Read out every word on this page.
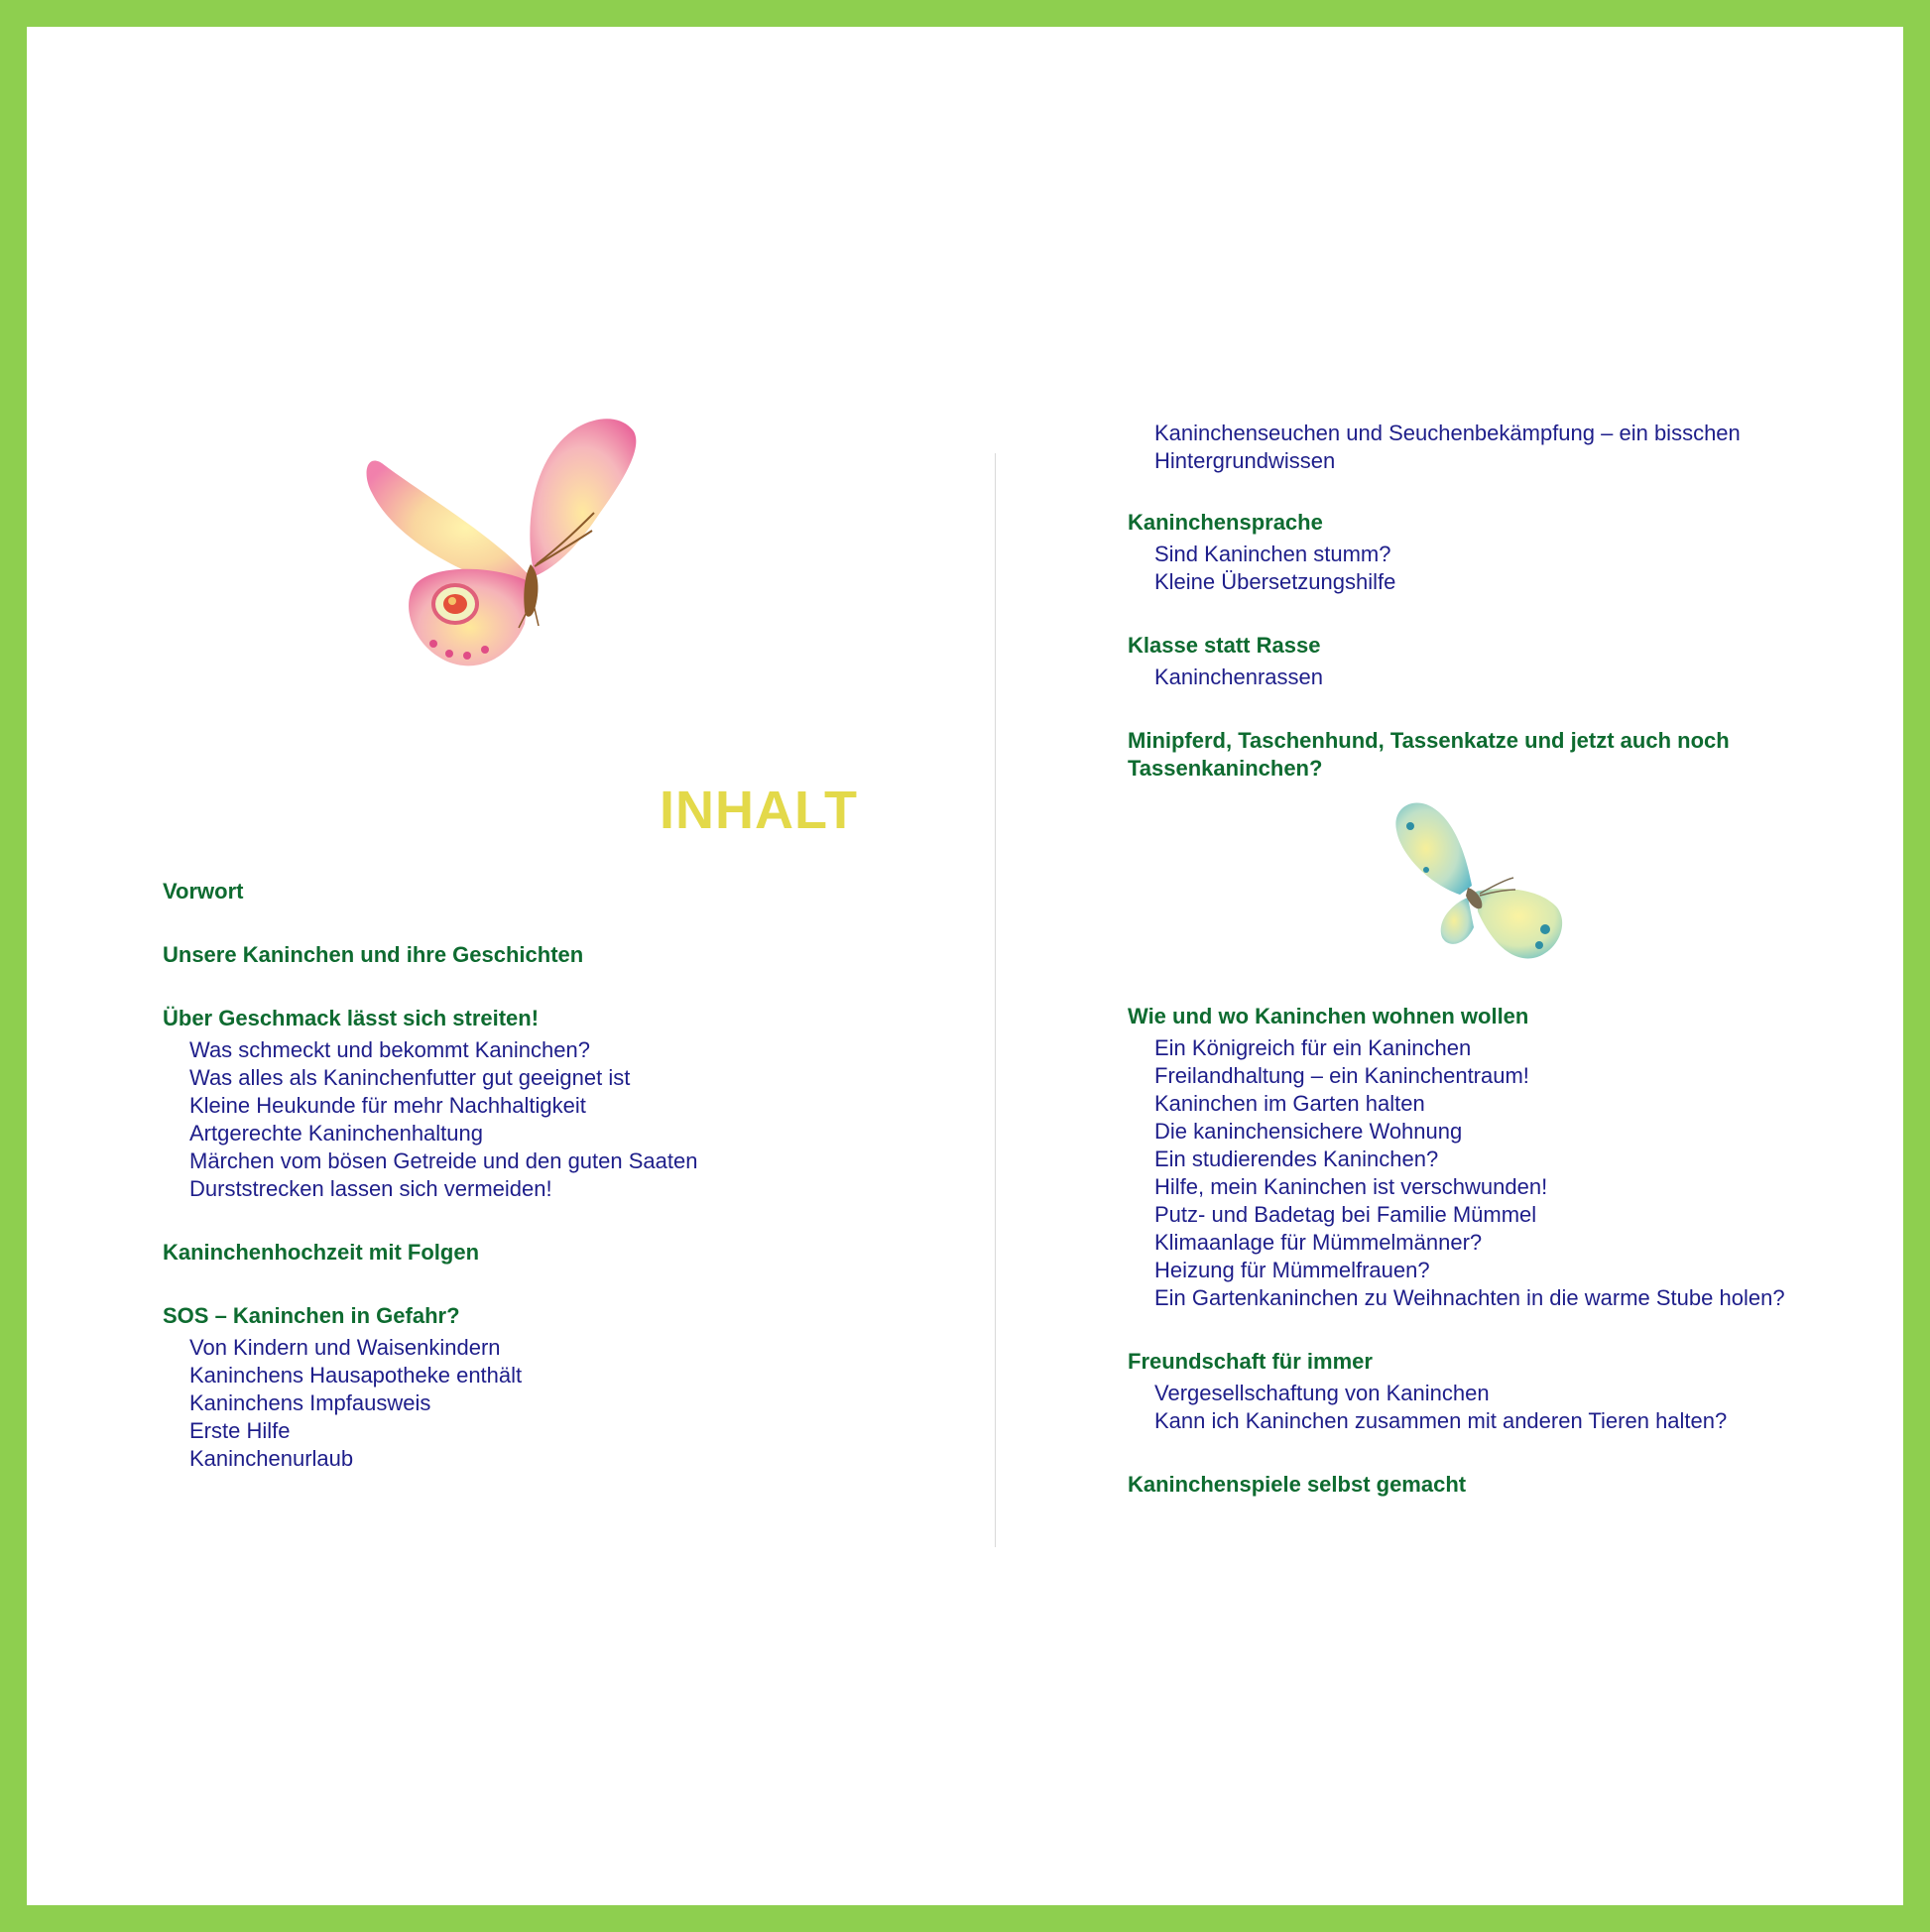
INHALT
Vorwort
Unsere Kaninchen und ihre Geschichten
Über Geschmack lässt sich streiten!
Was schmeckt und bekommt Kaninchen?
Was alles als Kaninchenfutter gut geeignet ist
Kleine Heukunde für mehr Nachhaltigkeit
Artgerechte Kaninchenhaltung
Märchen vom bösen Getreide und den guten Saaten
Durststrecken lassen sich vermeiden!
Kaninchenhochzeit mit Folgen
SOS – Kaninchen in Gefahr?
Von Kindern und Waisenkindern
Kaninchens Hausapotheke enthält
Kaninchens Impfausweis
Erste Hilfe
Kaninchenurlaub
Kaninchenseuchen und Seuchenbekämpfung – ein bisschen
Hintergrundwissen
Kaninchensprache
Sind Kaninchen stumm?
Kleine Übersetzungshilfe
Klasse statt Rasse
Kaninchenrassen
Minipferd, Taschenhund, Tassenkatze und jetzt auch noch
Tassenkaninchen?
Wie und wo Kaninchen wohnen wollen
Ein Königreich für ein Kaninchen
Freilandhaltung – ein Kaninchentraum!
Kaninchen im Garten halten
Die kaninchensichere Wohnung
Ein studierendes Kaninchen?
Hilfe, mein Kaninchen ist verschwunden!
Putz- und Badetag bei Familie Mümmel
Klimaanlage für Mümmelmänner?
Heizung für Mümmelfrauen?
Ein Gartenkaninchen zu Weihnachten in die warme Stube holen?
Freundschaft für immer
Vergesellschaftung von Kaninchen
Kann ich Kaninchen zusammen mit anderen Tieren halten?
Kaninchenspiele selbst gemacht
